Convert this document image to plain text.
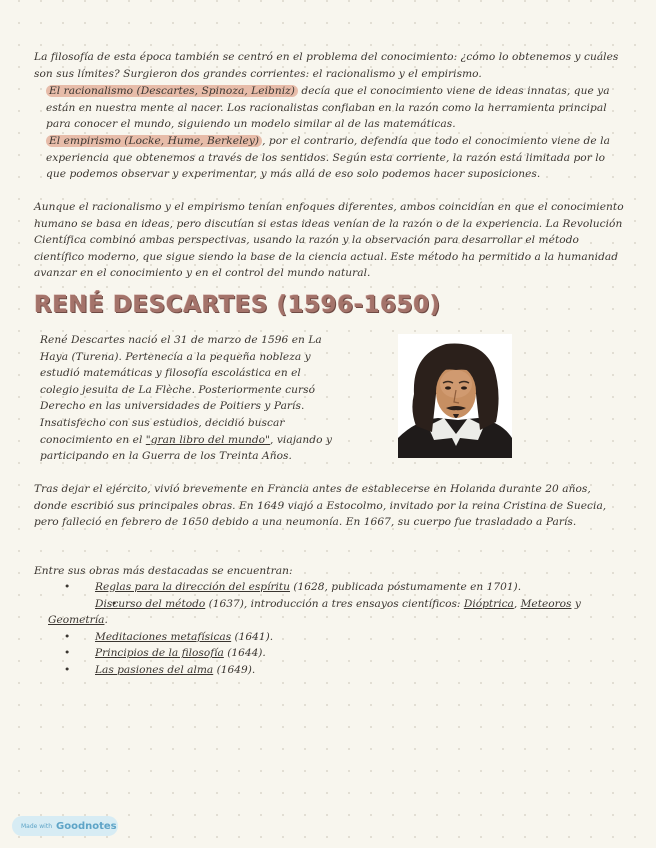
La filosofía de esta época también se centró en el problema del conocimiento: ¿cómo lo obtenemos y cuáles son sus límites? Surgieron dos grandes corrientes: el racionalismo y el empirismo.

El racionalismo (Descartes, Spinoza, Leibniz) decía que el conocimiento viene de ideas innatas, que ya están en nuestra mente al nacer. Los racionalistas confiaban en la razón como la herramienta principal para conocer el mundo, siguiendo un modelo similar al de las matemáticas.

El empirismo (Locke, Hume, Berkeley) , por el contrario, defendía que todo el conocimiento viene de la experiencia que obtenemos a través de los sentidos. Según esta corriente, la razón está limitada por lo que podemos observar y experimentar, y más allá de eso solo podemos hacer suposiciones.

Aunque el racionalismo y el empirismo tenían enfoques diferentes, ambos coincidían en que el conocimiento humano se basa en ideas, pero discutían si estas ideas venían de la razón o de la experiencia. La Revolución Científica combinó ambas perspectivas, usando la razón y la observación para desarrollar el método científico moderno, que sigue siendo la base de la ciencia actual. Este método ha permitido a la humanidad avanzar en el conocimiento y en el control del mundo natural.

RENÉ DESCARTES (1596-1650)

René Descartes nació el 31 de marzo de 1596 en La Haya (Turena). Pertenecía a la pequeña nobleza y estudió matemáticas y filosofía escolástica en el colegio jesuita de La Flèche. Posteriormente cursó Derecho en las universidades de Poitiers y París. Insatisfecho con sus estudios, decidió buscar conocimiento en el "gran libro del mundo", viajando y participando en la Guerra de los Treinta Años.

Tras dejar el ejército, vivió brevemente en Francia antes de establecerse en Holanda durante 20 años, donde escribió sus principales obras. En 1649 viajó a Estocolmo, invitado por la reina Cristina de Suecia, pero falleció en febrero de 1650 debido a una neumonía. En 1667, su cuerpo fue trasladado a París.

Entre sus obras más destacadas se encuentran:

• Reglas para la dirección del espíritu (1628, publicada póstumamente en 1701).
• Discurso del método (1637), introducción a tres ensayos científicos: Dióptrica, Meteoros y Geometría.
• Meditaciones metafísicas (1641).
• Principios de la filosofía (1644).
• Las pasiones del alma (1649).
Made with Goodnotes
